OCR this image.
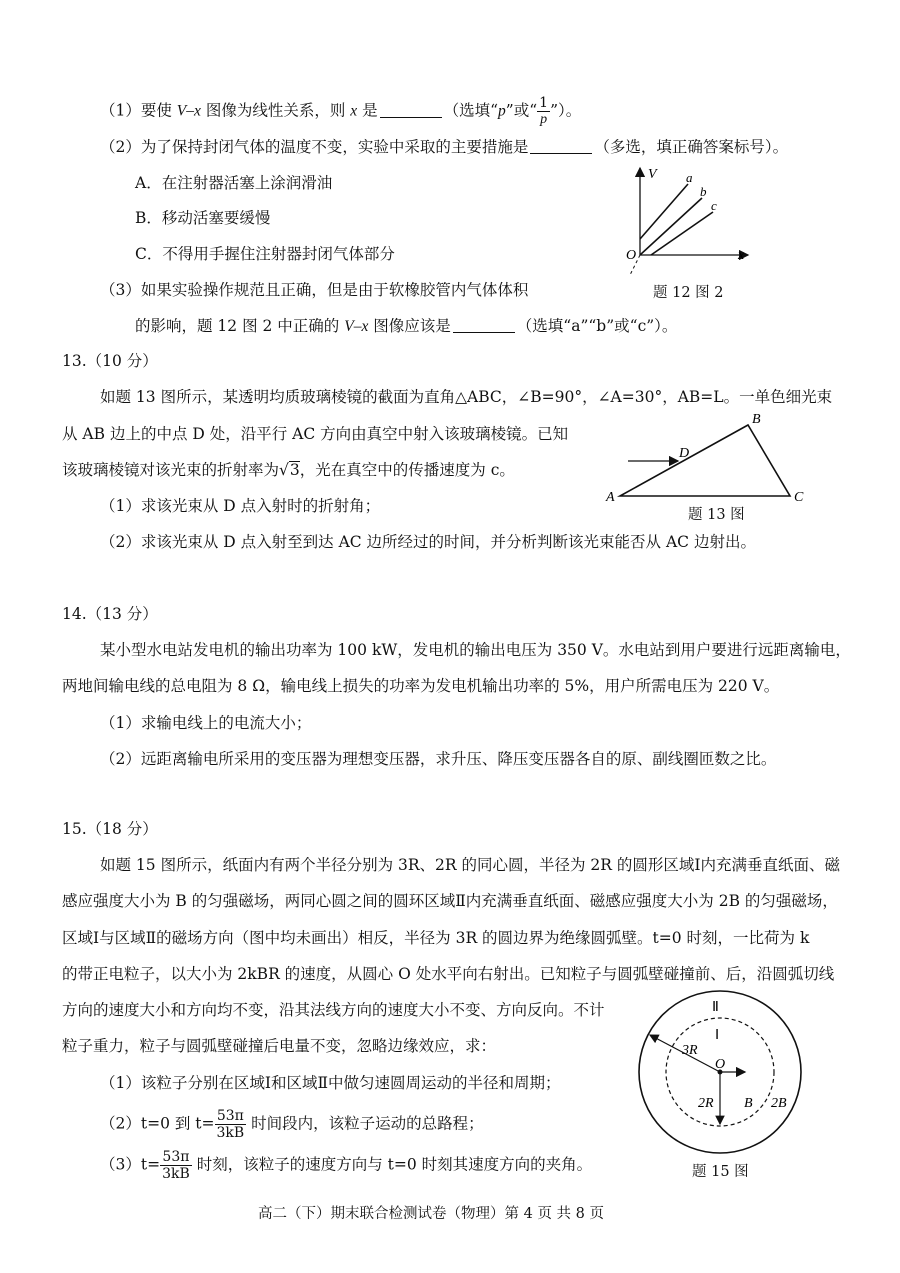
（1）要使 V–x 图像为线性关系，则 x 是	（选填“p”或“ $\frac{1}{p}$ ”）。
（2）为了保持封闭气体的温度不变，实验中采取的主要措施是	（多选，填正确答案标号）。
A．在注射器活塞上涂润滑油
B．移动活塞要缓慢
C．不得用手握住注射器封闭气体部分
（3）如果实验操作规范且正确，但是由于软橡胶管内气体体积
的影响，题 12 图 2 中正确的 V–x 图像应该是	（选填“a”“b”或“c”）。
V
x
O
a
b
c
题 12 图 2
13.（10 分）
如题 13 图所示，某透明均质玻璃棱镜的截面为直角△ABC，∠B=90°，∠A=30°，AB=L。一单色细光束
从 AB 边上的中点 D 处，沿平行 AC 方向由真空中射入该玻璃棱镜。已知
该玻璃棱镜对该光束的折射率为√3，光在真空中的传播速度为 c。
（1）求该光束从 D 点入射时的折射角；
（2）求该光束从 D 点入射至到达 AC 边所经过的时间，并分析判断该光束能否从 AC 边射出。
A
B
C
D
题 13 图
14.（13 分）
某小型水电站发电机的输出功率为 100 kW，发电机的输出电压为 350 V。水电站到用户要进行远距离输电，
两地间输电线的总电阻为 8 Ω，输电线上损失的功率为发电机输出功率的 5%，用户所需电压为 220 V。
（1）求输电线上的电流大小；
（2）远距离输电所采用的变压器为理想变压器，求升压、降压变压器各自的原、副线圈匝数之比。
15.（18 分）
如题 15 图所示，纸面内有两个半径分别为 3R、2R 的同心圆，半径为 2R 的圆形区域Ⅰ内充满垂直纸面、磁
感应强度大小为 B 的匀强磁场，两同心圆之间的圆环区域Ⅱ内充满垂直纸面、磁感应强度大小为 2B 的匀强磁场，
区域Ⅰ与区域Ⅱ的磁场方向（图中均未画出）相反，半径为 3R 的圆边界为绝缘圆弧壁。t=0 时刻，一比荷为 k
的带正电粒子，以大小为 2kBR 的速度，从圆心 O 处水平向右射出。已知粒子与圆弧壁碰撞前、后，沿圆弧切线
方向的速度大小和方向均不变，沿其法线方向的速度大小不变、方向反向。不计
粒子重力，粒子与圆弧壁碰撞后电量不变，忽略边缘效应，求：
（1）该粒子分别在区域Ⅰ和区域Ⅱ中做匀速圆周运动的半径和周期；
（2）t=0 到 $t= \frac{53\pi}{3kB}$ 时间段内，该粒子运动的总路程；
$(3)t= \frac{53\pi}{3kB}$ 时刻，该粒子的速度方向与 t=0 时刻其速度方向的夹角。
Ⅱ
Ⅰ
3R
O
2R B 2B
题 15 图
高二（下）期末联合检测试卷（物理）第 4 页 共 8 页
